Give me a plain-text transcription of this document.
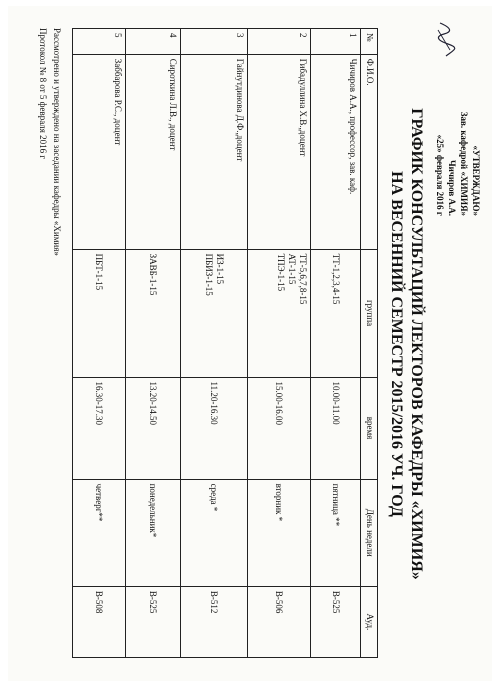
«УТВЕРЖДАЮ»
Зав. кафедрой «ХИМИЯ»
Чичиров А.А.
«25» февраля 2016 г
ГРАФИК КОНСУЛЬТАЦИЙ ЛЕКТОРОВ КАФЕДРЫ «ХИМИЯ»
НА ВЕСЕННИЙ СЕМЕСТР 2015/2016 УЧ. ГОД
№	Ф.И.О.	группа	время	День недели	Ауд.
1	Чичиров А.А., профессор, зав. каф.	ТТ-1,2,3,4-15	10.00-11.00	пятница **	В-525
2	Гибадуллина Х.В.,доцент	ТТ-5,6,7,8-15
АТ-1-15
ТПЭ-1-15	15.00-16.00	вторник *	В-506
3	Гайнутдинова Д.Ф.,доцент	ИЗ-1-15
ПБИЗ-1-15	11.20-16.30	среда *	В-512
4	Сироткина Л.В., доцент	ЗАВБ-1-15	13.20-14.50	понедельник*	В-525
5	Заббарова Р.С., доцент	ПБТ-1-15	16.30-17.30	четверг**	В-508
Рассмотрено и утверждено на заседании кафедры «Химия»
Протокол № 8 от 5 февраля 2016 г
